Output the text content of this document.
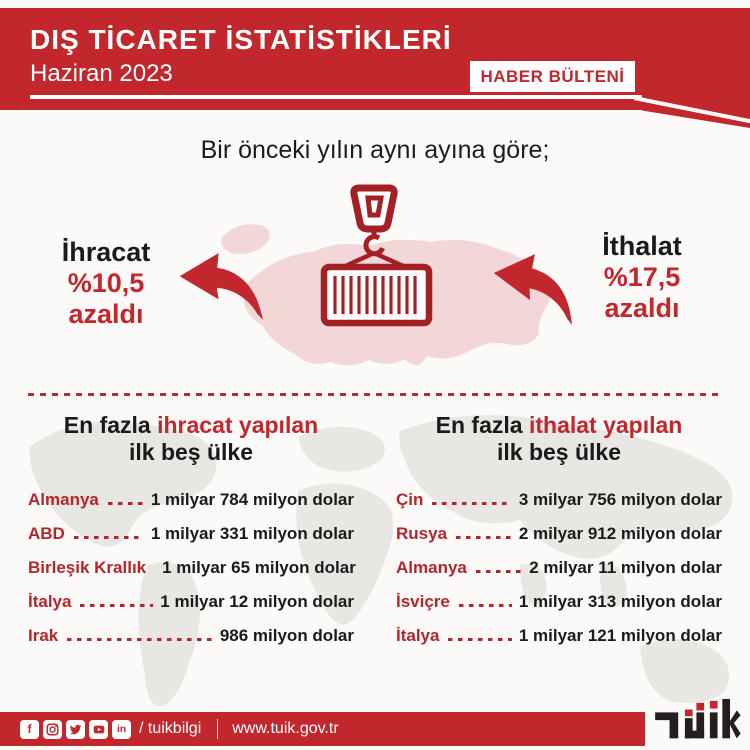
DIŞ TİCARET İSTATİSTİKLERİ
Haziran 2023	HABER BÜLTENİ
Bir önceki yılın aynı ayına göre;
İhracat
%10,5
azaldı
İthalat
%17,5
azaldı
En fazla ihracat yapılan
ilk beş ülke
Almanya	1 milyar 784 milyon dolar
ABD	1 milyar 331 milyon dolar
Birleşik Krallık 1 milyar 65 milyon dolar
İtalya	1 milyar 12 milyon dolar
Irak	986 milyon dolar
En fazla ithalat yapılan
ilk beş ülke
Çin	3 milyar 756 milyon dolar
Rusya	2 milyar 912 milyon dolar
Almanya	2 milyar 11 milyon dolar
İsviçre	1 milyar 313 milyon dolar
İtalya	1 milyar 121 milyon dolar
f	in / tuikbilgi www.tuik.gov.tr
